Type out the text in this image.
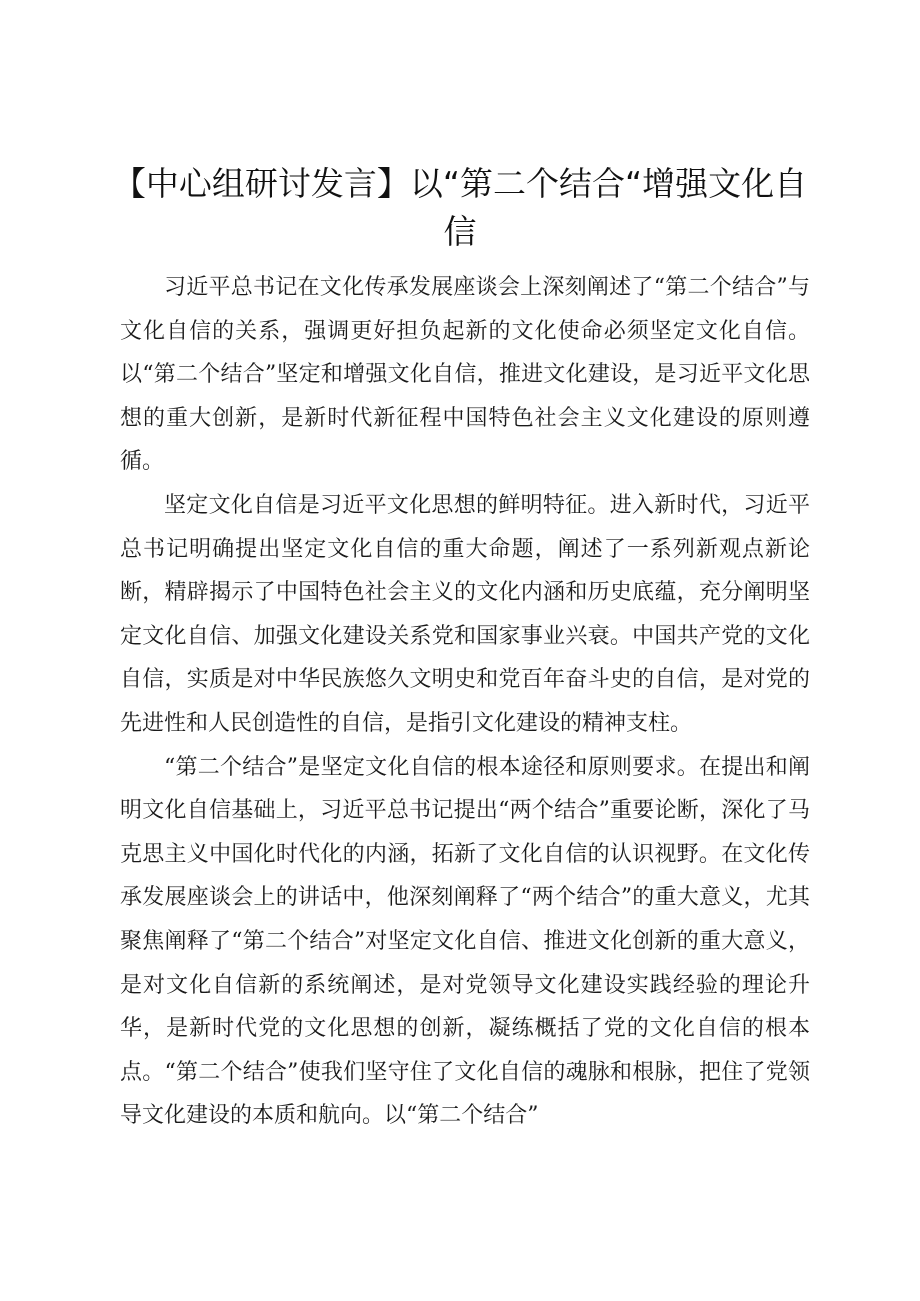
【中心组研讨发言】以“第二个结合“增强文化自信

习近平总书记在文化传承发展座谈会上深刻阐述了“第二个结合”与文化自信的关系，强调更好担负起新的文化使命必须坚定文化自信。以“第二个结合”坚定和增强文化自信，推进文化建设，是习近平文化思想的重大创新，是新时代新征程中国特色社会主义文化建设的原则遵循。

坚定文化自信是习近平文化思想的鲜明特征。进入新时代，习近平总书记明确提出坚定文化自信的重大命题，阐述了一系列新观点新论断，精辟揭示了中国特色社会主义的文化内涵和历史底蕴，充分阐明坚定文化自信、加强文化建设关系党和国家事业兴衰。中国共产党的文化自信，实质是对中华民族悠久文明史和党百年奋斗史的自信，是对党的先进性和人民创造性的自信，是指引文化建设的精神支柱。

“第二个结合”是坚定文化自信的根本途径和原则要求。在提出和阐明文化自信基础上，习近平总书记提出“两个结合”重要论断，深化了马克思主义中国化时代化的内涵，拓新了文化自信的认识视野。在文化传承发展座谈会上的讲话中，他深刻阐释了“两个结合”的重大意义，尤其聚焦阐释了“第二个结合”对坚定文化自信、推进文化创新的重大意义，是对文化自信新的系统阐述，是对党领导文化建设实践经验的理论升华，是新时代党的文化思想的创新，凝练概括了党的文化自信的根本点。“第二个结合”使我们坚守住了文化自信的魂脉和根脉，把住了党领导文化建设的本质和航向。以“第二个结合”
